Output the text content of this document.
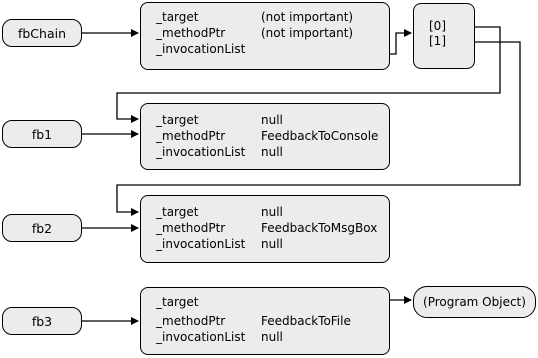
fbChain
fb1
fb2
fb3
_target	(not important)
_methodPtr	(not important)
_invocationList
[0]
[1]
_target	null
_methodPtr	FeedbackToConsole
_invocationList null
_target	null
_methodPtr	FeedbackToMsgBox
_invocationList null
_target
_methodPtr	FeedbackToFile
_invocationList null
(Program Object)
